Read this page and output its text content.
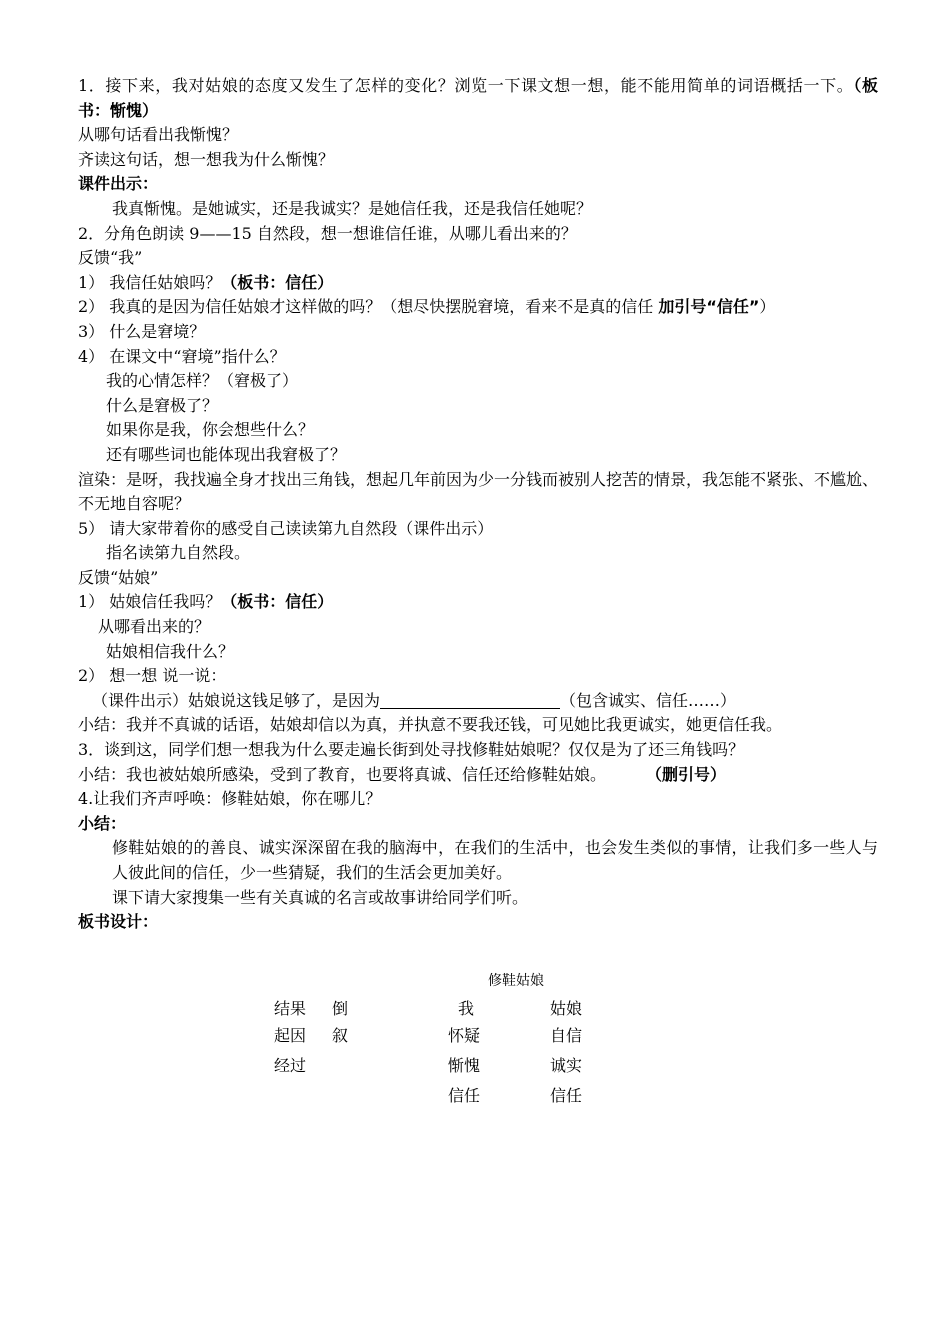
1．接下来，我对姑娘的态度又发生了怎样的变化？浏览一下课文想一想，能不能用简单的词语概括一下。（板书：惭愧）
从哪句话看出我惭愧？
齐读这句话，想一想我为什么惭愧？
课件出示：
我真惭愧。是她诚实，还是我诚实？是她信任我，还是我信任她呢？
2．分角色朗读 9——15 自然段，想一想谁信任谁，从哪儿看出来的？
反馈“我”
1） 我信任姑娘吗？（板书：信任）
2） 我真的是因为信任姑娘才这样做的吗？（想尽快摆脱窘境，看来不是真的信任 加引号“信任”）
3） 什么是窘境？
4） 在课文中“窘境”指什么？
我的心情怎样？（窘极了）
什么是窘极了？
如果你是我，你会想些什么？
还有哪些词也能体现出我窘极了？
渲染：是呀，我找遍全身才找出三角钱，想起几年前因为少一分钱而被别人挖苦的情景，我怎能不紧张、不尴尬、不无地自容呢？
5） 请大家带着你的感受自己读读第九自然段（课件出示）
指名读第九自然段。
反馈“姑娘”
1） 姑娘信任我吗？（板书：信任）
从哪看出来的？
姑娘相信我什么？
2） 想一想 说一说：
（课件出示）姑娘说这钱足够了，是因为	（包含诚实、信任……）
小结：我并不真诚的话语，姑娘却信以为真，并执意不要我还钱，可见她比我更诚实，她更信任我。
3．谈到这，同学们想一想我为什么要走遍长街到处寻找修鞋姑娘呢？仅仅是为了还三角钱吗？
小结：我也被姑娘所感染，受到了教育，也要将真诚、信任还给修鞋姑娘。	（删引号）
4.让我们齐声呼唤：修鞋姑娘，你在哪儿？
小结：
修鞋姑娘的的善良、诚实深深留在我的脑海中，在我们的生活中，也会发生类似的事情，让我们多一些人与人彼此间的信任，少一些猜疑，我们的生活会更加美好。
课下请大家搜集一些有关真诚的名言或故事讲给同学们听。
板书设计：
修鞋姑娘
结果
起因
经过
倒
叙
我
怀疑
惭愧
信任
姑娘
自信
诚实
信任
